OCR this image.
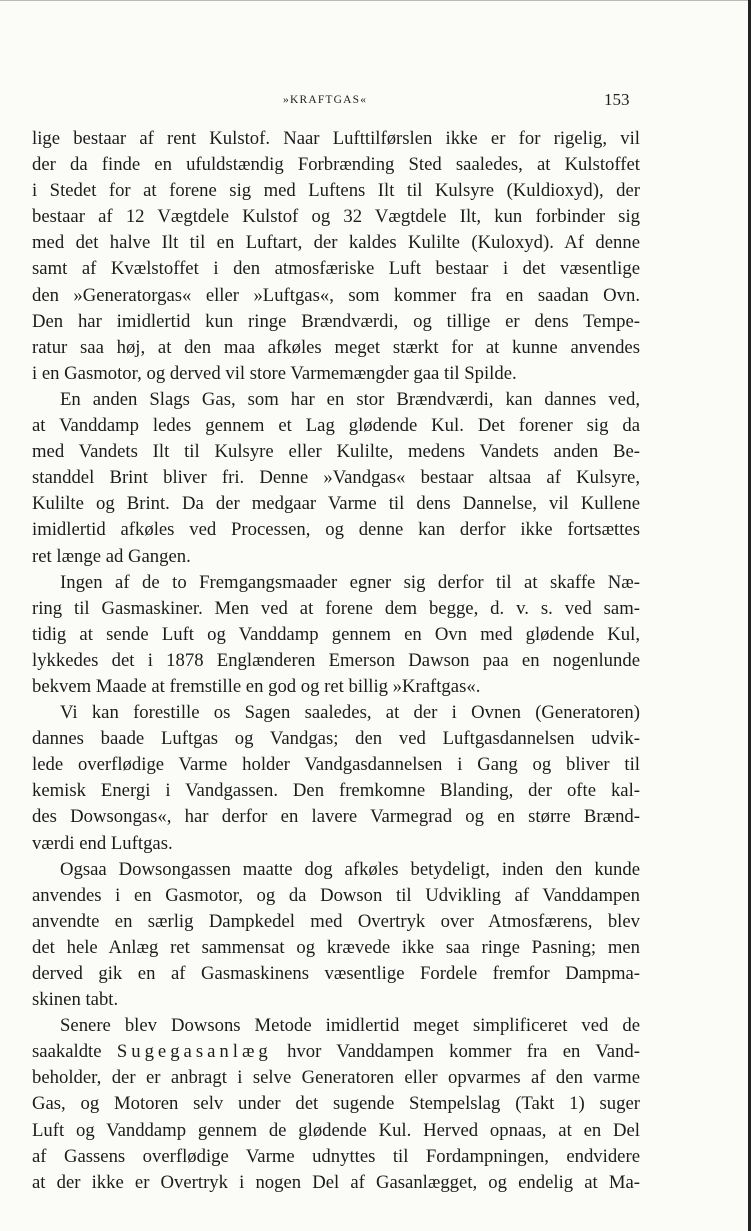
»KRAFTGAS«	153
lige bestaar af rent Kulstof. Naar Lufttilførslen ikke er for rigelig, vil
der da finde en ufuldstændig Forbrænding Sted saaledes, at Kulstoffet
i Stedet for at forene sig med Luftens Ilt til Kulsyre (Kuldioxyd), der
bestaar af 12 Vægtdele Kulstof og 32 Vægtdele Ilt, kun forbinder sig
med det halve Ilt til en Luftart, der kaldes Kulilte (Kuloxyd). Af denne
samt af Kvælstoffet i den atmosfæriske Luft bestaar i det væsentlige
den »Generatorgas« eller »Luftgas«, som kommer fra en saadan Ovn.
Den har imidlertid kun ringe Brændværdi, og tillige er dens Tempe-
ratur saa høj, at den maa afkøles meget stærkt for at kunne anvendes
i en Gasmotor, og derved vil store Varmemængder gaa til Spilde.
En anden Slags Gas, som har en stor Brændværdi, kan dannes ved,
at Vanddamp ledes gennem et Lag glødende Kul. Det forener sig da
med Vandets Ilt til Kulsyre eller Kulilte, medens Vandets anden Be-
standdel Brint bliver fri. Denne »Vandgas« bestaar altsaa af Kulsyre,
Kulilte og Brint. Da der medgaar Varme til dens Dannelse, vil Kullene
imidlertid afkøles ved Processen, og denne kan derfor ikke fortsættes
ret længe ad Gangen.
Ingen af de to Fremgangsmaader egner sig derfor til at skaffe Næ-
ring til Gasmaskiner. Men ved at forene dem begge, d. v. s. ved sam-
tidig at sende Luft og Vanddamp gennem en Ovn med glødende Kul,
lykkedes det i 1878 Englænderen Emerson Dawson paa en nogenlunde
bekvem Maade at fremstille en god og ret billig »Kraftgas«.
Vi kan forestille os Sagen saaledes, at der i Ovnen (Generatoren)
dannes baade Luftgas og Vandgas; den ved Luftgasdannelsen udvik-
lede overflødige Varme holder Vandgasdannelsen i Gang og bliver til
kemisk Energi i Vandgassen. Den fremkomne Blanding, der ofte kal-
des Dowsongas«, har derfor en lavere Varmegrad og en større Brænd-
værdi end Luftgas.
Ogsaa Dowsongassen maatte dog afkøles betydeligt, inden den kunde
anvendes i en Gasmotor, og da Dowson til Udvikling af Vanddampen
anvendte en særlig Dampkedel med Overtryk over Atmosfærens, blev
det hele Anlæg ret sammensat og krævede ikke saa ringe Pasning; men
derved gik en af Gasmaskinens væsentlige Fordele fremfor Dampma-
skinen tabt.
Senere blev Dowsons Metode imidlertid meget simplificeret ved de
saakaldte Sugegasanlæg hvor Vanddampen kommer fra en Vand-
beholder, der er anbragt i selve Generatoren eller opvarmes af den varme
Gas, og Motoren selv under det sugende Stempelslag (Takt 1) suger
Luft og Vanddamp gennem de glødende Kul. Herved opnaas, at en Del
af Gassens overflødige Varme udnyttes til Fordampningen, endvidere
at der ikke er Overtryk i nogen Del af Gasanlægget, og endelig at Ma-
